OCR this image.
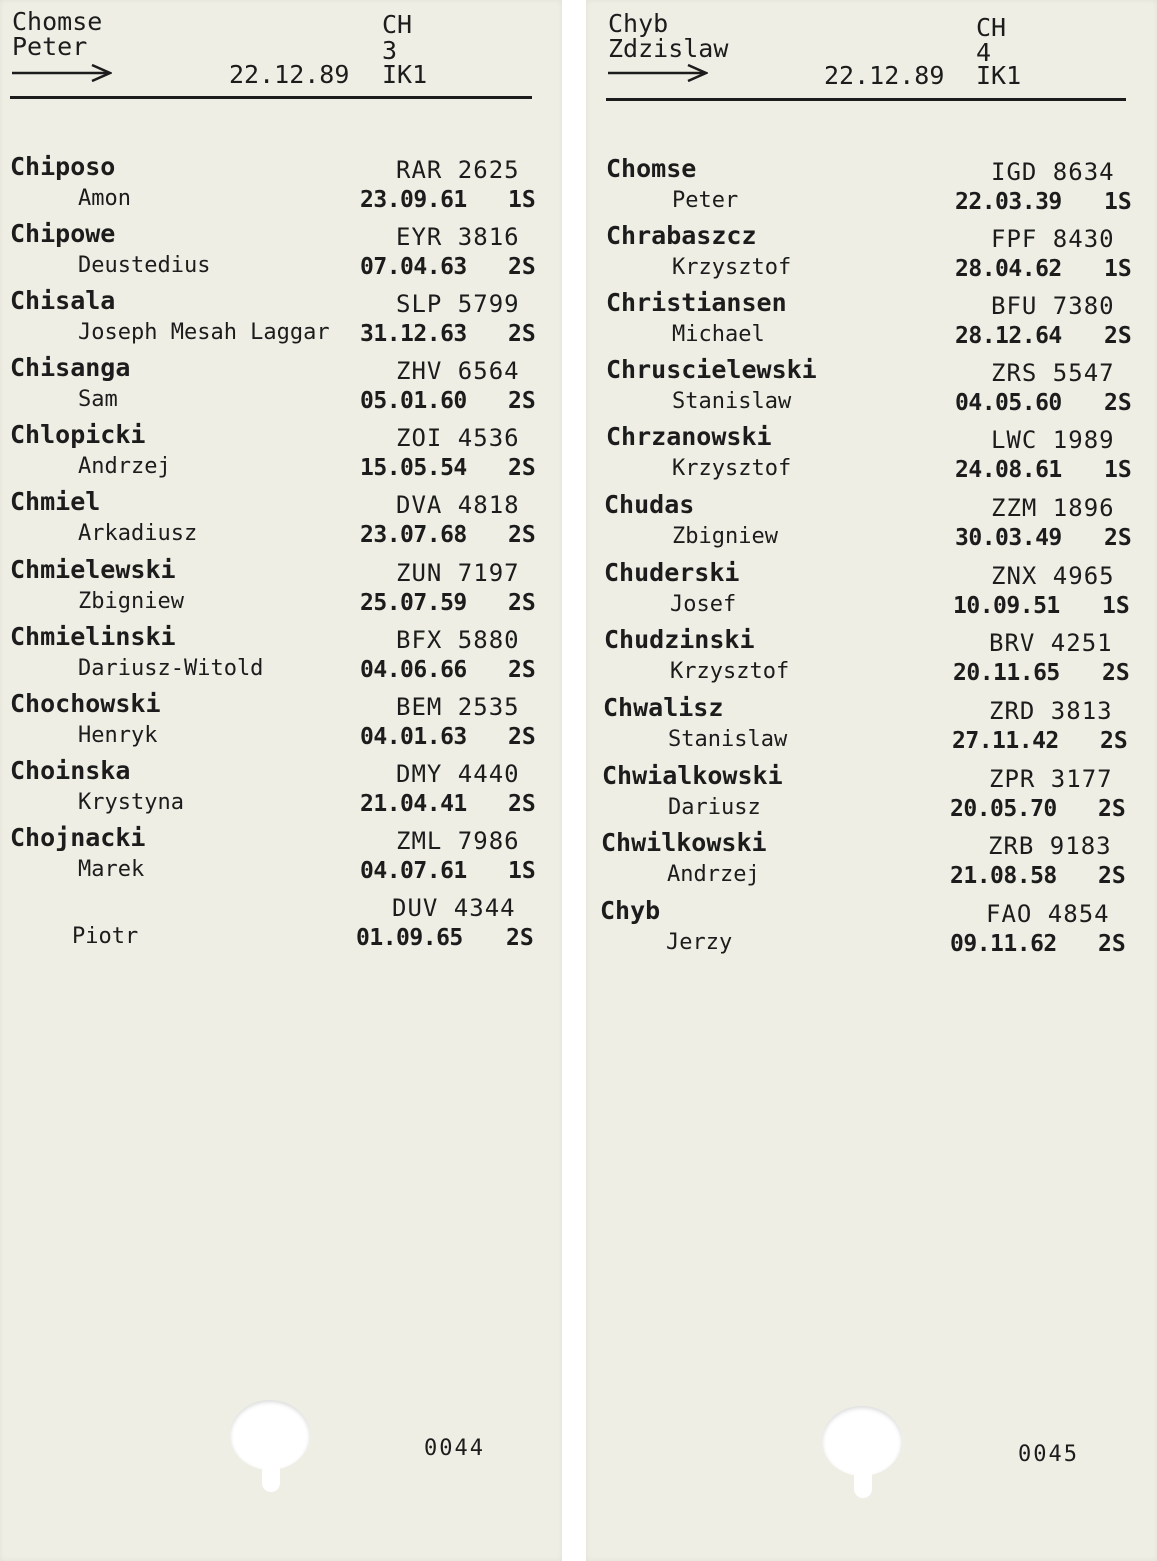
Chomse
Peter
CH
3
22.12.89 IK1
Chiposo	RAR 2625
Amon	23.09.61 1S
Chipowe	EYR 3816
Deustedius	07.04.63 2S
Chisala	SLP 5799
Joseph Mesah Laggar 31.12.63 2S
Chisanga	ZHV 6564
Sam	05.01.60 2S
Chlopicki	ZOI 4536
Andrzej	15.05.54 2S
Chmiel	DVA 4818
Arkadiusz	23.07.68 2S
Chmielewski	ZUN 7197
Zbigniew	25.07.59 2S
Chmielinski	BFX 5880
Dariusz-Witold	04.06.66 2S
Chochowski	BEM 2535
Henryk	04.01.63 2S
Choinska	DMY 4440
Krystyna	21.04.41 2S
Chojnacki	ZML 7986
Marek	04.07.61 1S
DUV 4344
Piotr	01.09.65 2S
0044
Chyb
Zdzislaw
CH
4
22.12.89 IK1
Chomse	IGD 8634
Peter	22.03.39 1S
Chrabaszcz	FPF 8430
Krzysztof	28.04.62 1S
Christiansen	BFU 7380
Michael	28.12.64 2S
Chruscielewski	ZRS 5547
Stanislaw	04.05.60 2S
Chrzanowski	LWC 1989
Krzysztof	24.08.61 1S
Chudas	ZZM 1896
Zbigniew	30.03.49 2S
Chuderski	ZNX 4965
Josef	10.09.51 1S
Chudzinski	BRV 4251
Krzysztof	20.11.65 2S
Chwalisz	ZRD 3813
Stanislaw	27.11.42 2S
Chwialkowski	ZPR 3177
Dariusz	20.05.70 2S
Chwilkowski	ZRB 9183
Andrzej	21.08.58 2S
Chyb	FAO 4854
Jerzy	09.11.62 2S
0045
